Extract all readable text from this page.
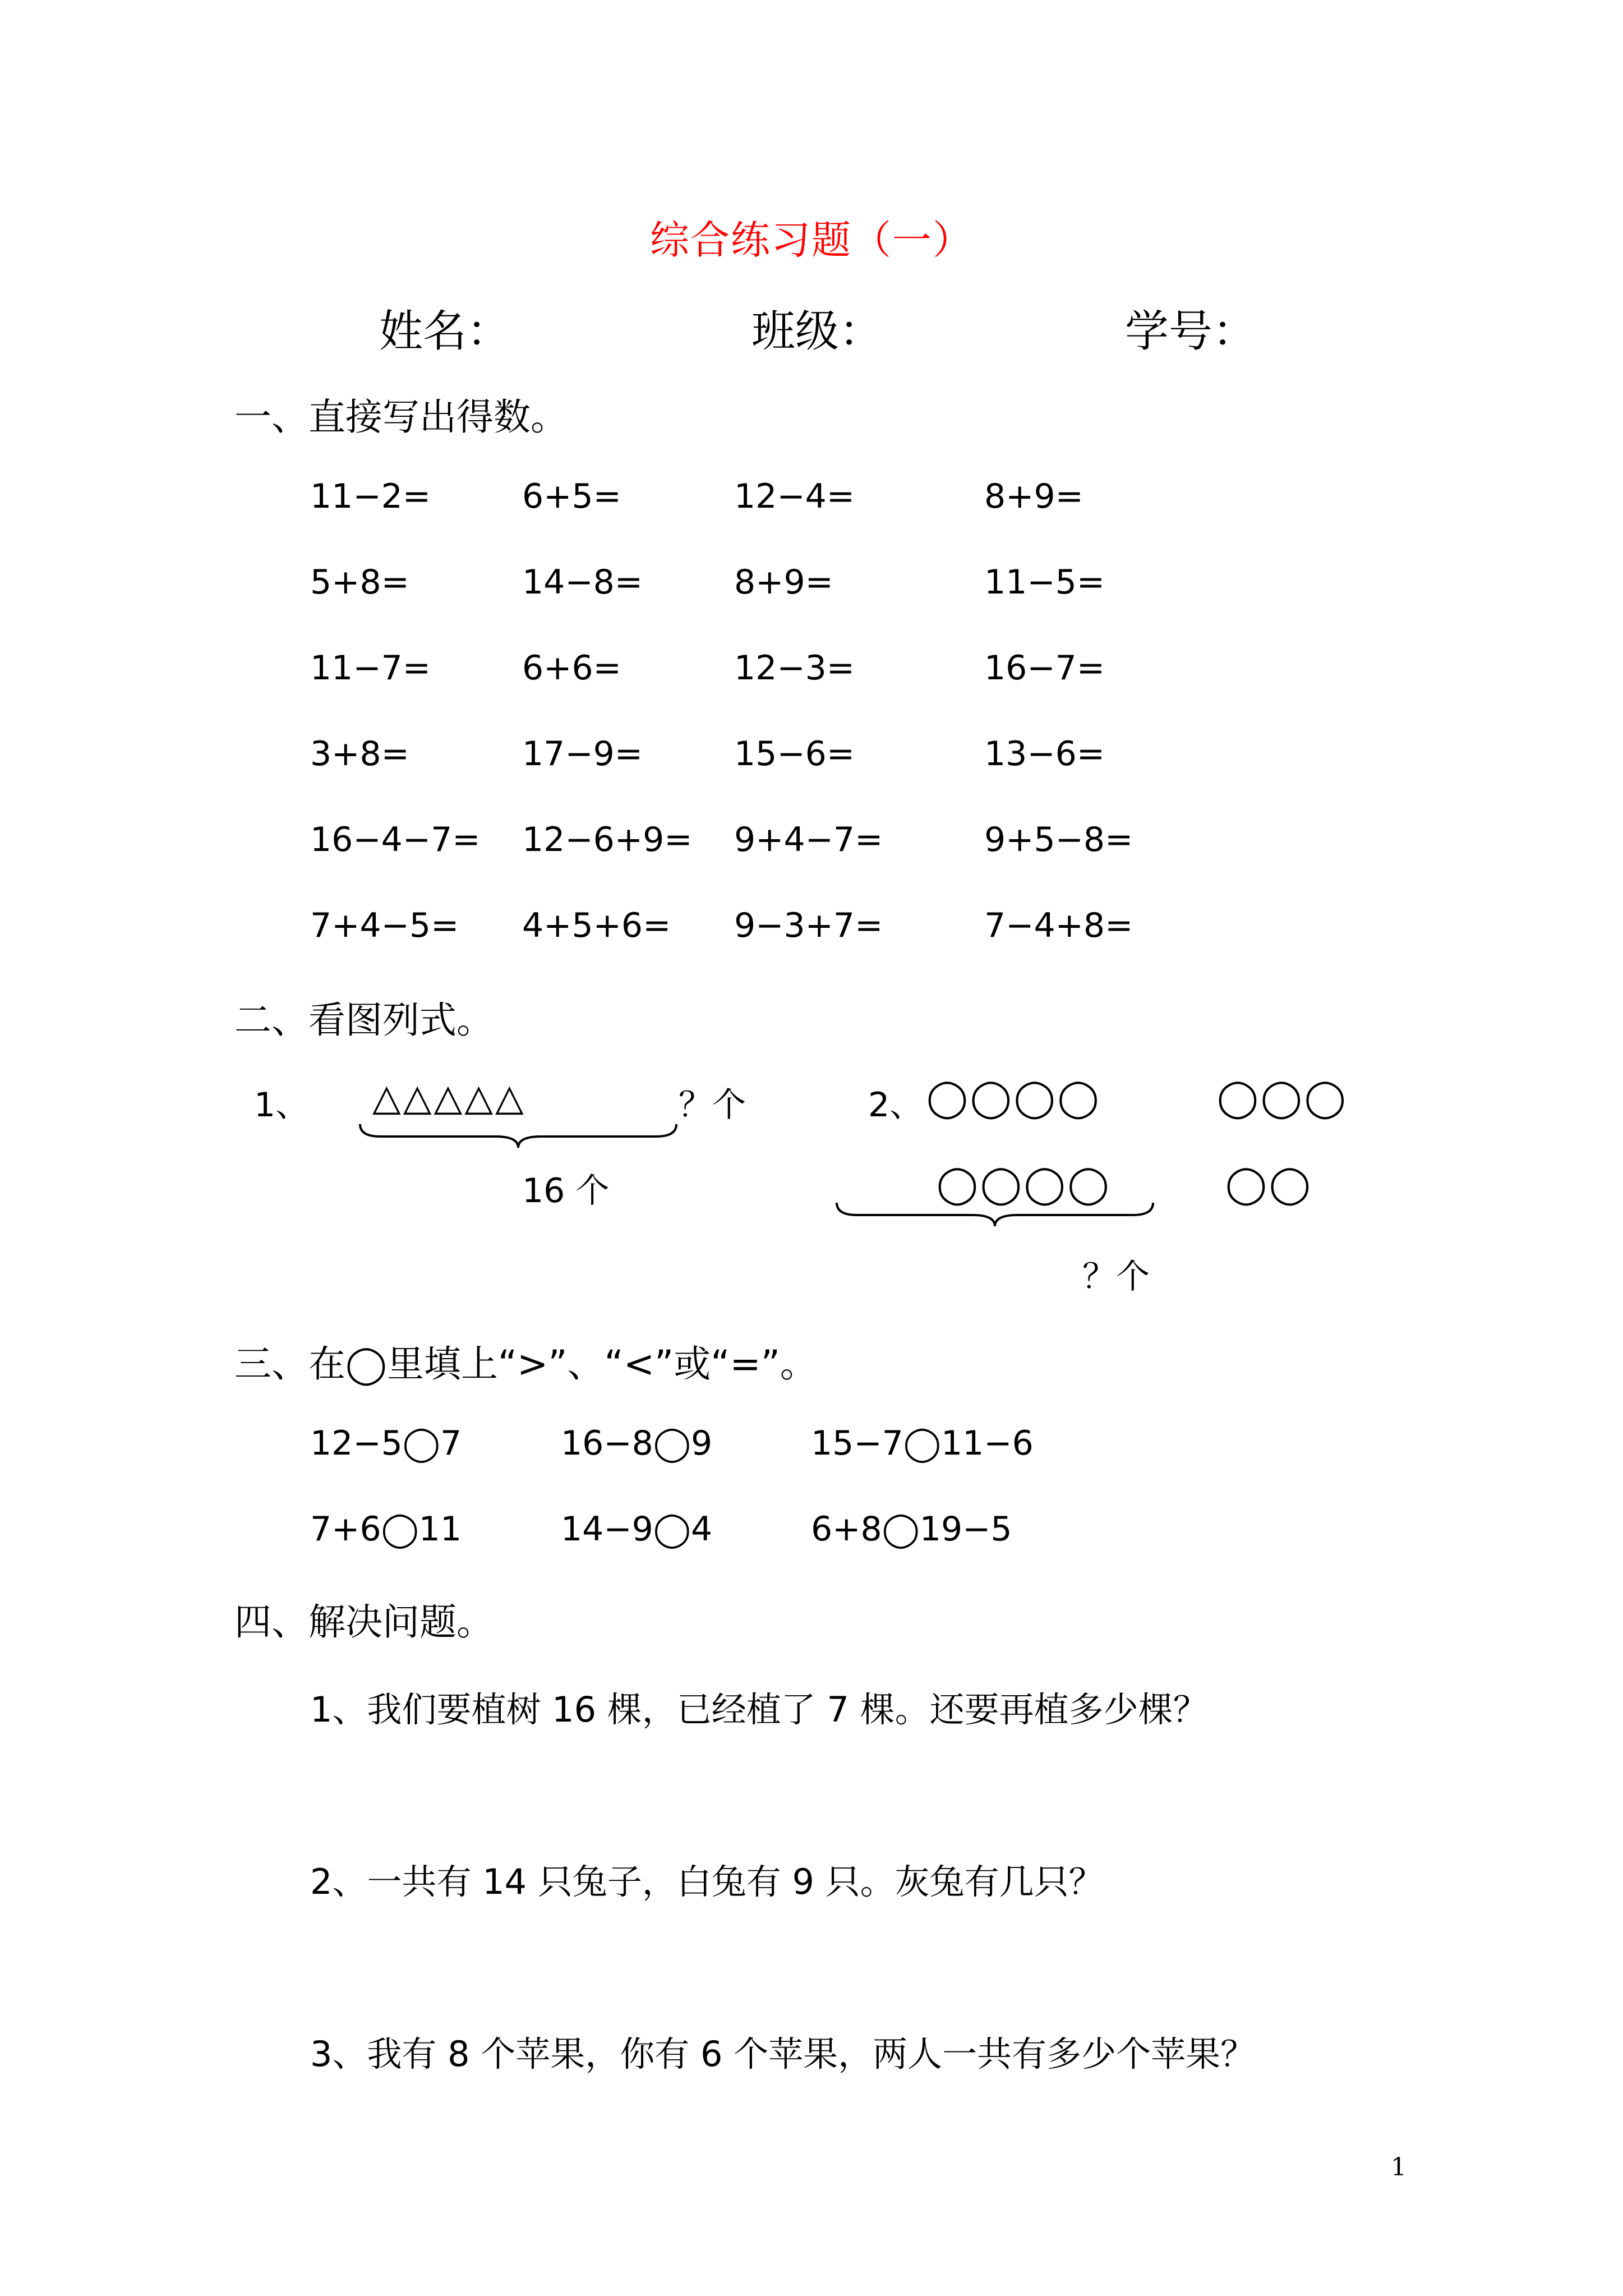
综合练习题（一）
姓名：	班级：	学号：
一、直接写出得数。
11−2=	6+5=	12−4=	8+9=
5+8=	14−8=	8+9=	11−5=
11−7=	6+6=	12−3=	16−7=
3+8=	17−9=	15−6=	13−6=
16−4−7= 12−6+9= 9+4−7=	9+5−8=
7+4−5= 4+5+6= 9−3+7=	7−4+8=
二、看图列式。
1、 △△△△△	？个
16 个
2、 ◯◯◯◯	◯◯◯
◯◯◯◯	◯◯
？个
三、在◯里填上“>”、“<”或“=”。
12−5◯7	16−8◯9	15−7◯11−6
7+6◯11	14−9◯4	6+8◯19−5
四、解决问题。
1、我们要植树 16 棵，已经植了 7 棵。还要再植多少棵？
2、一共有 14 只兔子，白兔有 9 只。灰兔有几只？
3、我有 8 个苹果，你有 6 个苹果，两人一共有多少个苹果？
1
